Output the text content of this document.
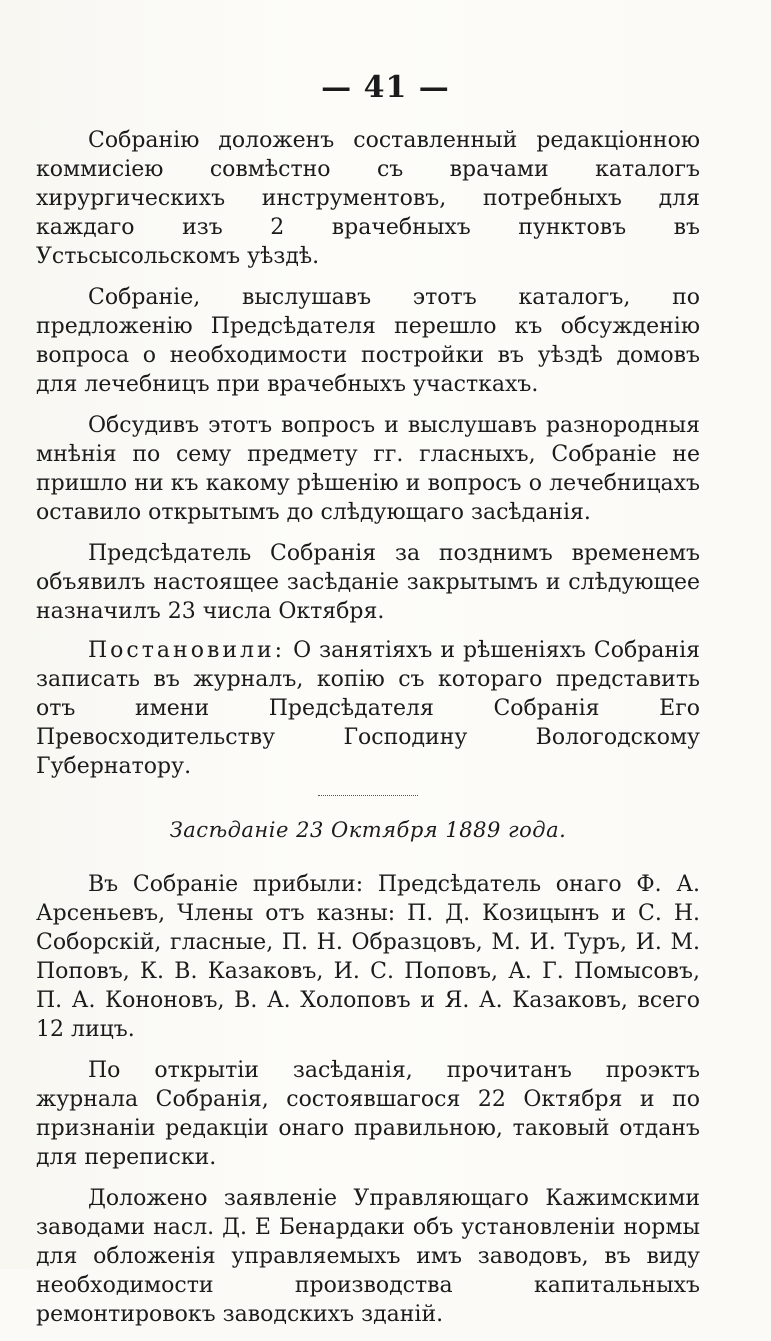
— 41 —

Собранію доложенъ составленный редакціонною коммисіею совмѣстно съ врачами каталогъ хирургическихъ инструментовъ, потребныхъ для каждаго изъ 2 врачебныхъ пунктовъ въ Устьсысольскомъ уѣздѣ.

Собраніе, выслушавъ этотъ каталогъ, по предложенію Предсѣдателя перешло къ обсужденію вопроса о необходимости постройки въ уѣздѣ домовъ для лечебницъ при врачебныхъ участкахъ.

Обсудивъ этотъ вопросъ и выслушавъ разнородныя мнѣнія по сему предмету гг. гласныхъ, Собраніе не пришло ни къ какому рѣшенію и вопросъ о лечебницахъ оставило открытымъ до слѣдующаго засѣданія.

Предсѣдатель Собранія за позднимъ временемъ объявилъ настоящее засѣданіе закрытымъ и слѣдующее назначилъ 23 числа Октября.

Постановили: О занятіяхъ и рѣшеніяхъ Собранія записать въ журналъ, копію съ котораго представить отъ имени Предсѣдателя Собранія Его Превосходительству Господину Вологодскому Губернатору.

Засѣданіе 23 Октября 1889 года.

Въ Собраніе прибыли: Предсѣдатель онаго Ф. А. Арсеньевъ, Члены отъ казны: П. Д. Козицынъ и С. Н. Соборскій, гласные, П. Н. Образцовъ, М. И. Туръ, И. М. Поповъ, К. В. Казаковъ, И. С. Поповъ, А. Г. Помысовъ, П. А. Кононовъ, В. А. Холоповъ и Я. А. Казаковъ, всего 12 лицъ.

По открытіи засѣданія, прочитанъ проэктъ журнала Собранія, состоявшагося 22 Октября и по признаніи редакціи онаго правильною, таковый отданъ для переписки.

Доложено заявленіе Управляющаго Кажимскими заводами насл. Д. Е Бенардаки объ установленіи нормы для обложенія управляемыхъ имъ заводовъ, въ виду необходимости производства капитальныхъ ремонтировокъ заводскихъ зданій.
